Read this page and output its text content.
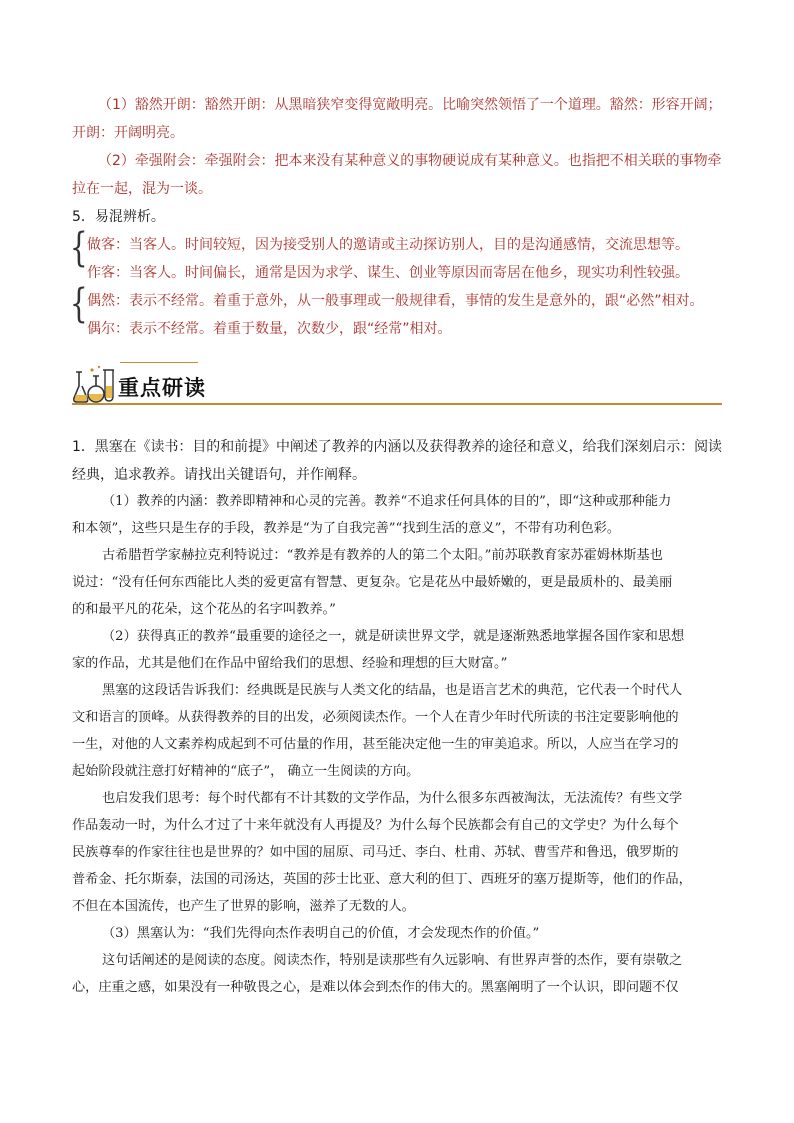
（1）豁然开朗：豁然开朗：从黑暗狭窄变得宽敞明亮。比喻突然领悟了一个道理。豁然：形容开阔；
开朗：开阔明亮。
（2）牵强附会：牵强附会：把本来没有某种意义的事物硬说成有某种意义。也指把不相关联的事物牵
拉在一起，混为一谈。
5．易混辨析。
{ 做客：当客人。时间较短，因为接受别人的邀请或主动探访别人，目的是沟通感情，交流思想等。
作客：当客人。时间偏长，通常是因为求学、谋生、创业等原因而寄居在他乡，现实功利性较强。
{ 偶然：表示不经常。着重于意外，从一般事理或一般规律看，事情的发生是意外的，跟“必然”相对。
偶尔：表示不经常。着重于数量，次数少，跟“经常”相对。
重点研读
1．黑塞在《读书：目的和前提》中阐述了教养的内涵以及获得教养的途径和意义，给我们深刻启示：阅读
经典，追求教养。请找出关键语句，并作阐释。
（1）教养的内涵：教养即精神和心灵的完善。教养“不追求任何具体的目的”，即“这种或那种能力
和本领”，这些只是生存的手段，教养是“为了自我完善”“找到生活的意义”，不带有功利色彩。
古希腊哲学家赫拉克利特说过：“教养是有教养的人的第二个太阳。”前苏联教育家苏霍姆林斯基也
说过：“没有任何东西能比人类的爱更富有智慧、更复杂。它是花丛中最娇嫩的，更是最质朴的、最美丽
的和最平凡的花朵，这个花丛的名字叫教养。”
（2）获得真正的教养“最重要的途径之一，就是研读世界文学，就是逐渐熟悉地掌握各国作家和思想
家的作品，尤其是他们在作品中留给我们的思想、经验和理想的巨大财富。”
黑塞的这段话告诉我们：经典既是民族与人类文化的结晶，也是语言艺术的典范，它代表一个时代人
文和语言的顶峰。从获得教养的目的出发，必须阅读杰作。一个人在青少年时代所读的书注定要影响他的
一生，对他的人文素养构成起到不可估量的作用，甚至能决定他一生的审美追求。所以，人应当在学习的
起始阶段就注意打好精神的“底子”， 确立一生阅读的方向。
也启发我们思考：每个时代都有不计其数的文学作品，为什么很多东西被淘汰，无法流传？有些文学
作品轰动一时，为什么才过了十来年就没有人再提及？为什么每个民族都会有自己的文学史？为什么每个
民族尊奉的作家往往也是世界的？如中国的屈原、司马迁、李白、杜甫、苏轼、曹雪芹和鲁迅，俄罗斯的
普希金、托尔斯泰，法国的司汤达，英国的莎士比亚、意大利的但丁、西班牙的塞万提斯等，他们的作品，
不但在本国流传，也产生了世界的影响，滋养了无数的人。
（3）黑塞认为：“我们先得向杰作表明自己的价值，才会发现杰作的价值。”
这句话阐述的是阅读的态度。阅读杰作，特别是读那些有久远影响、有世界声誉的杰作，要有崇敬之
心，庄重之感，如果没有一种敬畏之心，是难以体会到杰作的伟大的。黑塞阐明了一个认识，即问题不仅
